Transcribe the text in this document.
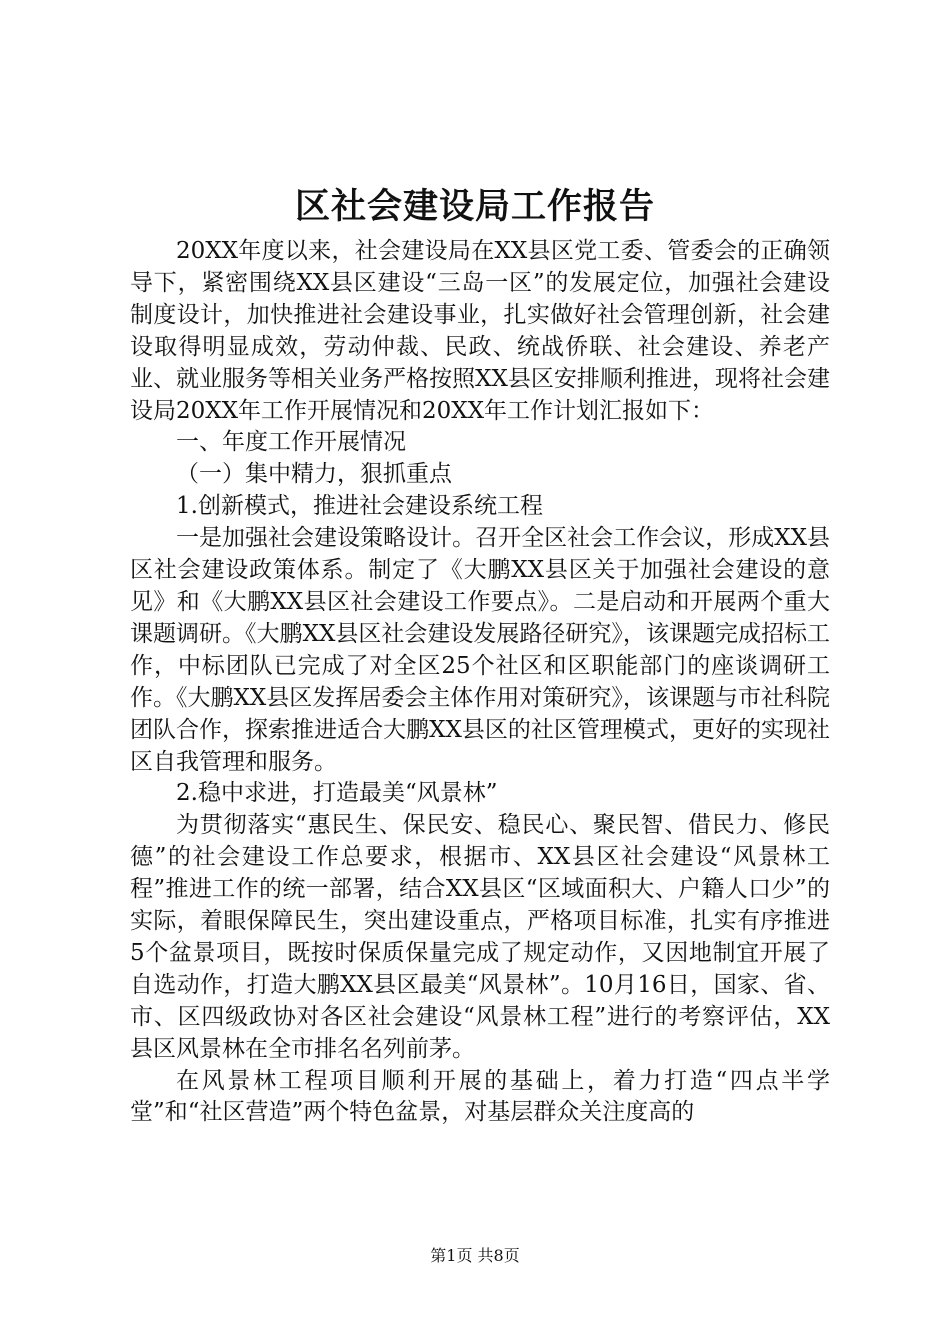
区社会建设局工作报告

20XX年度以来，社会建设局在XX县区党工委、管委会的正确领导下，紧密围绕XX县区建设“三岛一区”的发展定位，加强社会建设制度设计，加快推进社会建设事业，扎实做好社会管理创新，社会建设取得明显成效，劳动仲裁、民政、统战侨联、社会建设、养老产业、就业服务等相关业务严格按照XX县区安排顺利推进，现将社会建设局20XX年工作开展情况和20XX年工作计划汇报如下：

一、年度工作开展情况

（一）集中精力，狠抓重点

1.创新模式，推进社会建设系统工程

一是加强社会建设策略设计。召开全区社会工作会议，形成XX县区社会建设政策体系。制定了《大鹏XX县区关于加强社会建设的意见》和《大鹏XX县区社会建设工作要点》。二是启动和开展两个重大课题调研。《大鹏XX县区社会建设发展路径研究》，该课题完成招标工作，中标团队已完成了对全区25个社区和区职能部门的座谈调研工作。《大鹏XX县区发挥居委会主体作用对策研究》，该课题与市社科院团队合作，探索推进适合大鹏XX县区的社区管理模式，更好的实现社区自我管理和服务。

2.稳中求进，打造最美“风景林”

为贯彻落实“惠民生、保民安、稳民心、聚民智、借民力、修民德”的社会建设工作总要求，根据市、XX县区社会建设“风景林工程”推进工作的统一部署，结合XX县区“区域面积大、户籍人口少”的实际，着眼保障民生，突出建设重点，严格项目标准，扎实有序推进5个盆景项目，既按时保质保量完成了规定动作，又因地制宜开展了自选动作，打造大鹏XX县区最美“风景林”。10月16日，国家、省、市、区四级政协对各区社会建设“风景林工程”进行的考察评估，XX县区风景林在全市排名名列前茅。

在风景林工程项目顺利开展的基础上，着力打造“四点半学堂”和“社区营造”两个特色盆景，对基层群众关注度高的

第1页 共8页
